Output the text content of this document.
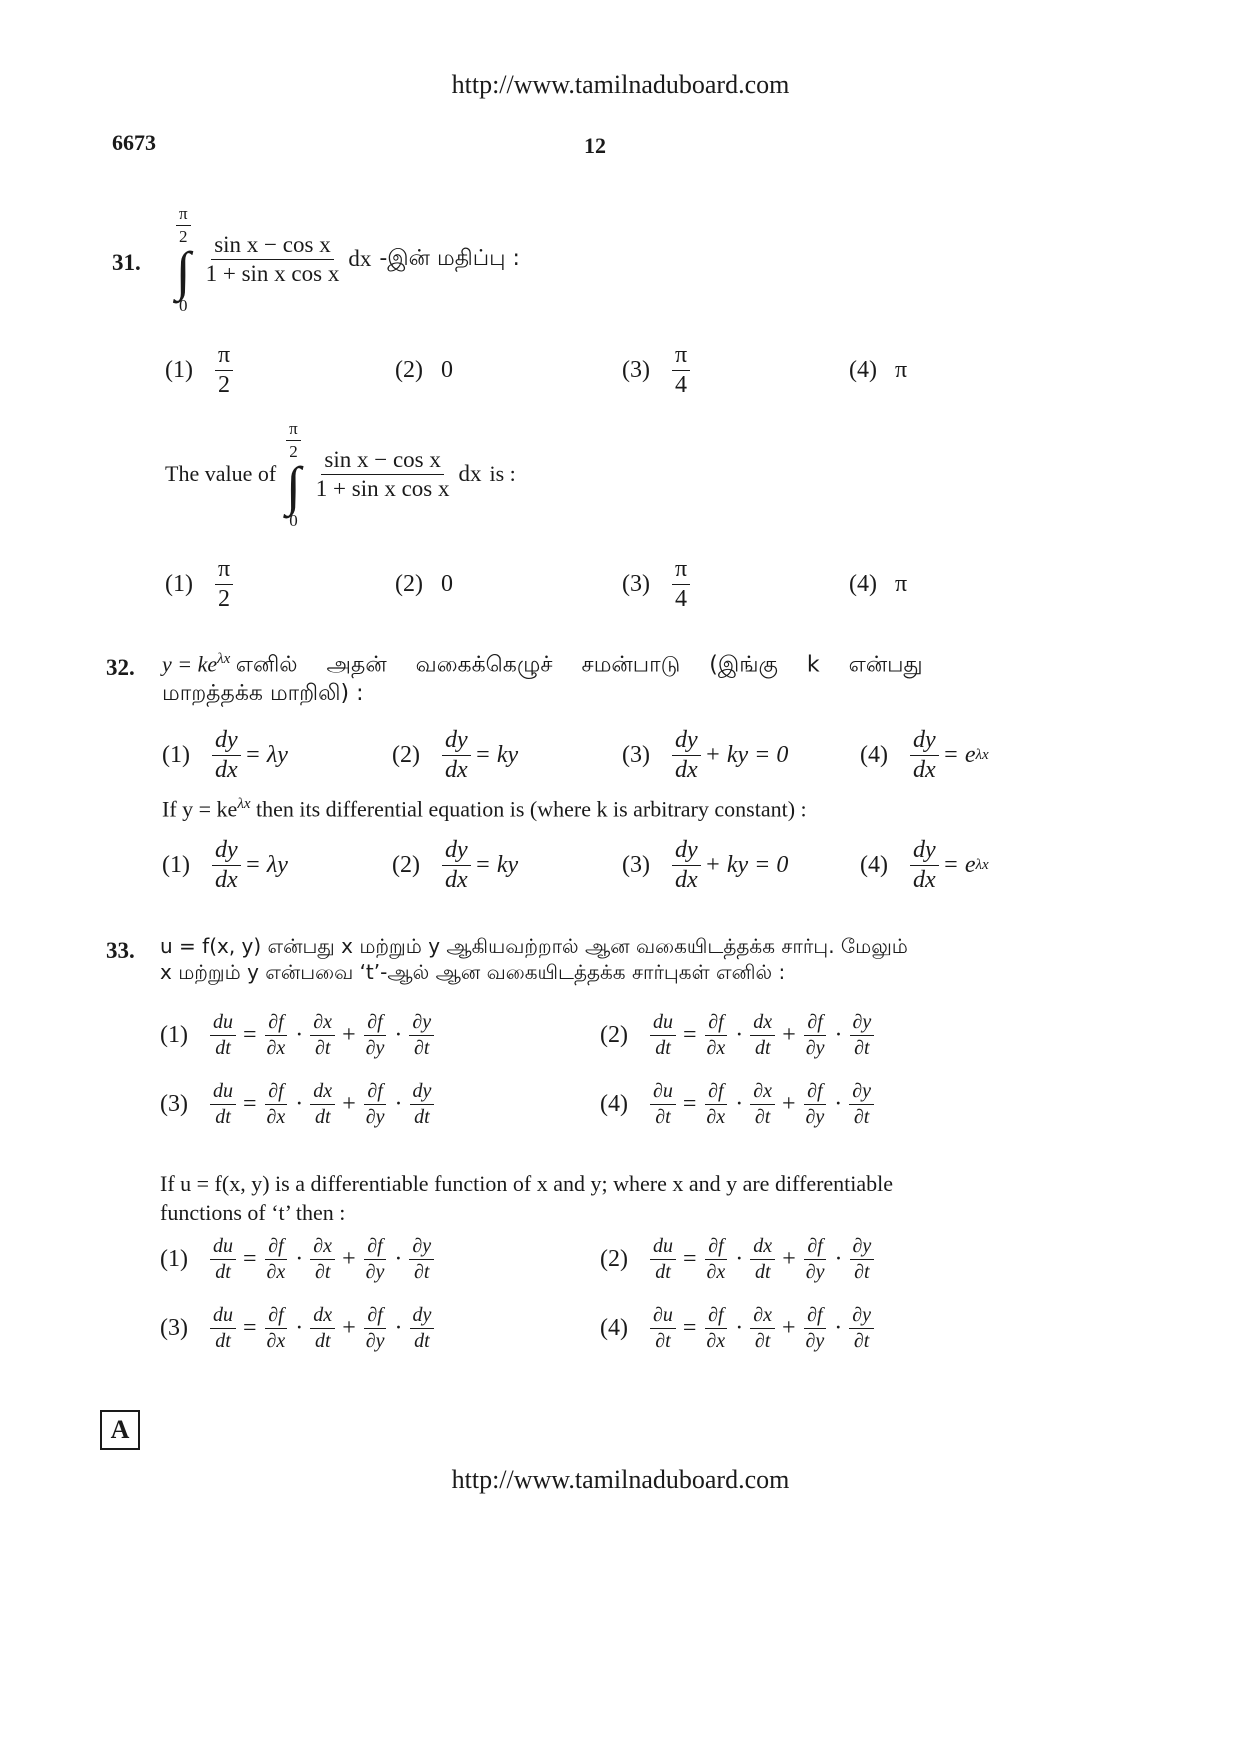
http://www.tamilnaduboard.com
6673	12
31.
$\frac{\pi}{2}$
∫
0
$\frac{\text{sin x − cos x}}{\text{1 + sin x cos x}}$ dx -இன் மதிப்பு :
$(1) \frac{\pi}{2}$	(2) 0	$(3) \frac{\pi}{4}$	(4) π
The value of
$\frac{\pi}{2}$
∫
0
$\frac{\text{sin x − cos x}}{\text{1 + sin x cos x}}$ dx is :
$(1) \frac{\pi}{2}$	(2) 0	$(3) \frac{\pi}{4}$	(4) π
32. $y = ke^{\lambda x}$ எனில் அதன் வகைக்கெழுச் சமன்பாடு (இங்கு k என்பது
மாறத்தக்க மாறிலி) :
$(1) \frac{dy}{dx} = \lambda y$	$(2) \frac{dy}{dx}$ = ky	$(3) \frac{dy}{dx}$ + ky = 0	$(4) \frac{dy}{dx} = e$ λx
If $y = ke^{\lambda x}$ then its differential equation is (where k is arbitrary constant) :
$(1) \frac{dy}{dx} = \lambda y$	$(2) \frac{dy}{dx}$ = ky	$(3) \frac{dy}{dx}$ + ky = 0	$(4) \frac{dy}{dx} = e$ λx
33. u = f(x, y) என்பது x மற்றும் y ஆகியவற்றால் ஆன வகையிடத்தக்க சார்பு. மேலும்
x மற்றும் y என்பவை ‘t’-ஆல் ஆன வகையிடத்தக்க சார்புகள் எனில் :
$(1) \frac{du}{dt} = \frac{\partial f}{\partial x} \cdot \frac{\partial x}{\partial t} + \frac{\partial f}{\partial y} \cdot \frac{\partial y}{\partial t}$	$(2) \frac{du}{dt} = \frac{\partial f}{\partial x} \cdot \frac{dx}{dt} + \frac{\partial f}{\partial y} \cdot \frac{\partial y}{\partial t}$
$(3) \frac{du}{dt} = \frac{\partial f}{\partial x} \cdot \frac{dx}{dt} + \frac{\partial f}{\partial y} \cdot \frac{dy}{dt}$	$(4) \frac{\partial u}{\partial t} = \frac{\partial f}{\partial x} \cdot \frac{\partial x}{\partial t} + \frac{\partial f}{\partial y} \cdot \frac{\partial y}{\partial t}$
If u = f(x, y) is a differentiable function of x and y; where x and y are differentiable
functions of ‘t’ then :
$(1) \frac{du}{dt} = \frac{\partial f}{\partial x} \cdot \frac{\partial x}{\partial t} + \frac{\partial f}{\partial y} \cdot \frac{\partial y}{\partial t}$	$(2) \frac{du}{dt} = \frac{\partial f}{\partial x} \cdot \frac{dx}{dt} + \frac{\partial f}{\partial y} \cdot \frac{\partial y}{\partial t}$
$(3) \frac{du}{dt} = \frac{\partial f}{\partial x} \cdot \frac{dx}{dt} + \frac{\partial f}{\partial y} \cdot \frac{dy}{dt}$	$(4) \frac{\partial u}{\partial t} = \frac{\partial f}{\partial x} \cdot \frac{\partial x}{\partial t} + \frac{\partial f}{\partial y} \cdot \frac{\partial y}{\partial t}$
A
http://www.tamilnaduboard.com
